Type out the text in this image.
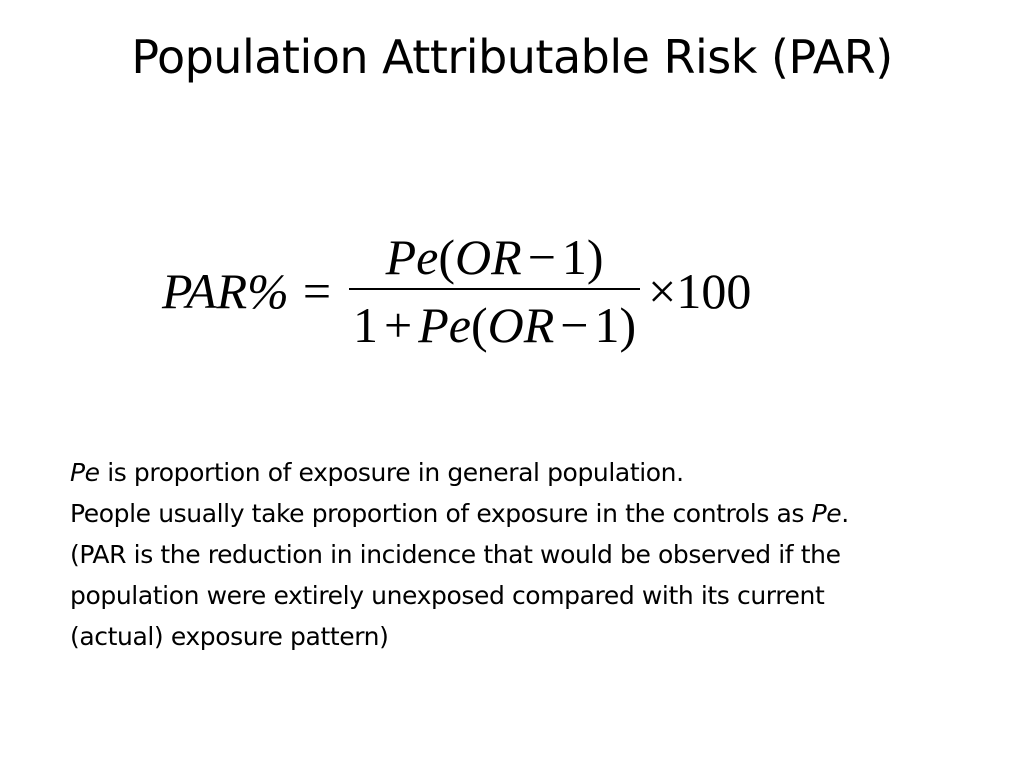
Population Attributable Risk (PAR)
$PAR\% = \frac{Pe(OR - 1)}{1 + Pe(OR - 1)} \times 100$

Pe is proportion of exposure in general population.

People usually take proportion of exposure in the controls as Pe.

(PAR is the reduction in incidence that would be observed if the

population were extirely unexposed compared with its current

(actual) exposure pattern)
